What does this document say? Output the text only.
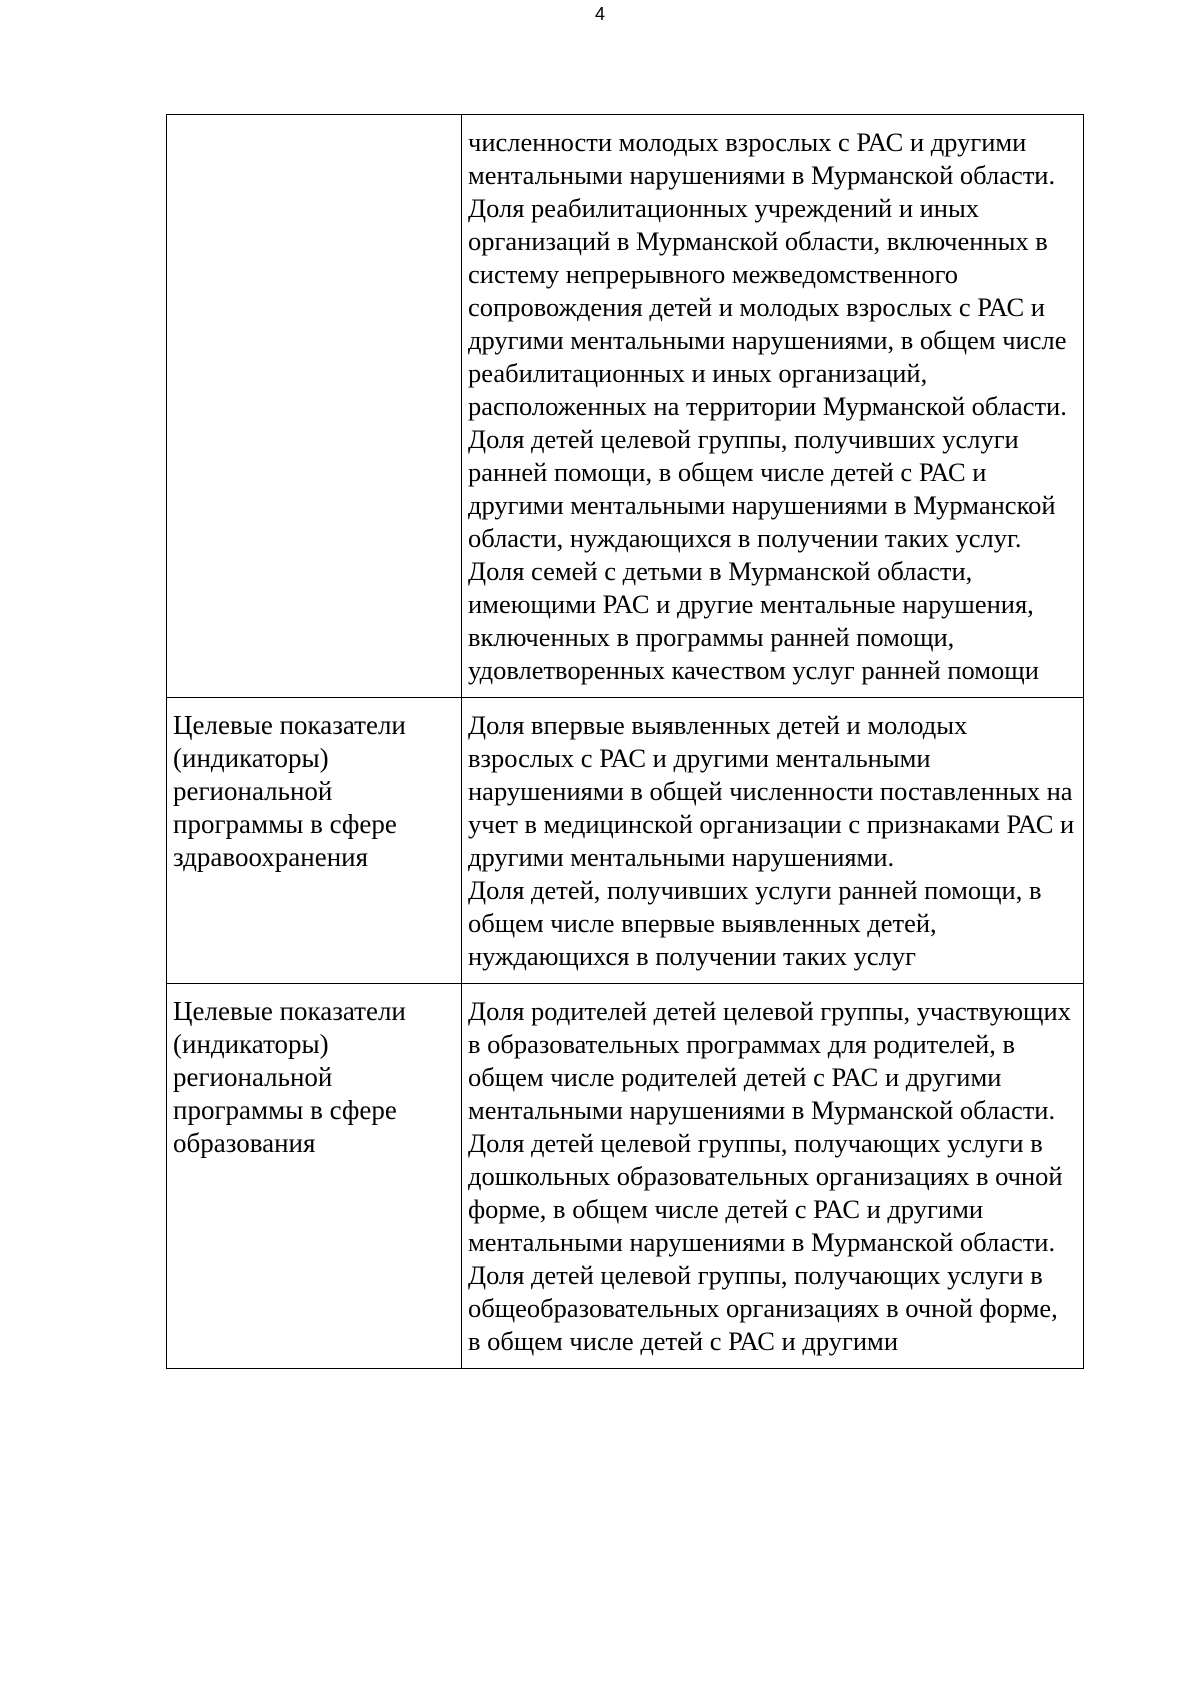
4
	численности молодых взрослых с РАС и другими ментальными нарушениями в Мурманской области.
Доля реабилитационных учреждений и иных организаций в Мурманской области, включенных в систему непрерывного межведомственного сопровождения детей и молодых взрослых с РАС и другими ментальными нарушениями, в общем числе реабилитационных и иных организаций, расположенных на территории Мурманской области.
Доля детей целевой группы, получивших услуги ранней помощи, в общем числе детей с РАС и другими ментальными нарушениями в Мурманской области, нуждающихся в получении таких услуг.
Доля семей с детьми в Мурманской области, имеющими РАС и другие ментальные нарушения, включенных в программы ранней помощи, удовлетворенных качеством услуг ранней помощи
Целевые показатели (индикаторы) региональной программы в сфере здравоохранения	Доля впервые выявленных детей и молодых взрослых с РАС и другими ментальными нарушениями в общей численности поставленных на учет в медицинской организации с признаками РАС и другими ментальными нарушениями.
Доля детей, получивших услуги ранней помощи, в общем числе впервые выявленных детей, нуждающихся в получении таких услуг
Целевые показатели (индикаторы) региональной программы в сфере образования	Доля родителей детей целевой группы, участвующих в образовательных программах для родителей, в общем числе родителей детей с РАС и другими ментальными нарушениями в Мурманской области.
Доля детей целевой группы, получающих услуги в дошкольных образовательных организациях в очной форме, в общем числе детей с РАС и другими ментальными нарушениями в Мурманской области.
Доля детей целевой группы, получающих услуги в общеобразовательных организациях в очной форме, в общем числе детей с РАС и другими
